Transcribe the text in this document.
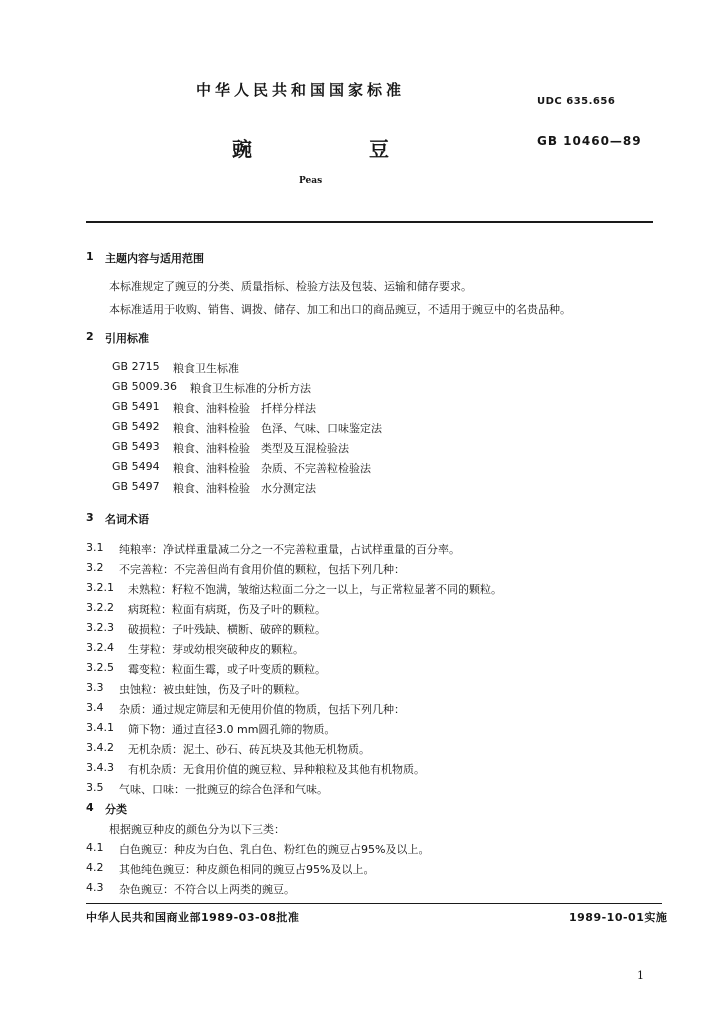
中华人民共和国国家标准
UDC 635.656
豌	豆	GB 10460—89
Peas
1 主题内容与适用范围
本标准规定了豌豆的分类、质量指标、检验方法及包装、运输和储存要求。
本标准适用于收购、销售、调拨、储存、加工和出口的商品豌豆，不适用于豌豆中的名贵品种。
2 引用标准
GB 2715 粮食卫生标准
GB 5009.36 粮食卫生标准的分析方法
GB 5491 粮食、油料检验　扦样分样法
GB 5492 粮食、油料检验　色泽、气味、口味鉴定法
GB 5493 粮食、油料检验　类型及互混检验法
GB 5494 粮食、油料检验　杂质、不完善粒检验法
GB 5497 粮食、油料检验　水分测定法
3 名词术语
3.1 纯粮率：净试样重量减二分之一不完善粒重量，占试样重量的百分率。
3.2 不完善粒：不完善但尚有食用价值的颗粒，包括下列几种：
3.2.1 未熟粒：籽粒不饱满，皱缩达粒面二分之一以上，与正常粒显著不同的颗粒。
3.2.2 病斑粒：粒面有病斑，伤及子叶的颗粒。
3.2.3 破损粒：子叶残缺、横断、破碎的颗粒。
3.2.4 生芽粒：芽或幼根突破种皮的颗粒。
3.2.5 霉变粒：粒面生霉，或子叶变质的颗粒。
3.3 虫蚀粒：被虫蛀蚀，伤及子叶的颗粒。
3.4 杂质：通过规定筛层和无使用价值的物质，包括下列几种：
3.4.1 筛下物：通过直径3.0 mm圆孔筛的物质。
3.4.2 无机杂质：泥土、砂石、砖瓦块及其他无机物质。
3.4.3 有机杂质：无食用价值的豌豆粒、异种粮粒及其他有机物质。
3.5 气味、口味：一批豌豆的综合色泽和气味。
4 分类
根据豌豆种皮的颜色分为以下三类：
4.1 白色豌豆：种皮为白色、乳白色、粉红色的豌豆占95%及以上。
4.2 其他纯色豌豆：种皮颜色相同的豌豆占95%及以上。
4.3 杂色豌豆：不符合以上两类的豌豆。
中华人民共和国商业部1989-03-08批准	1989-10-01实施
1
